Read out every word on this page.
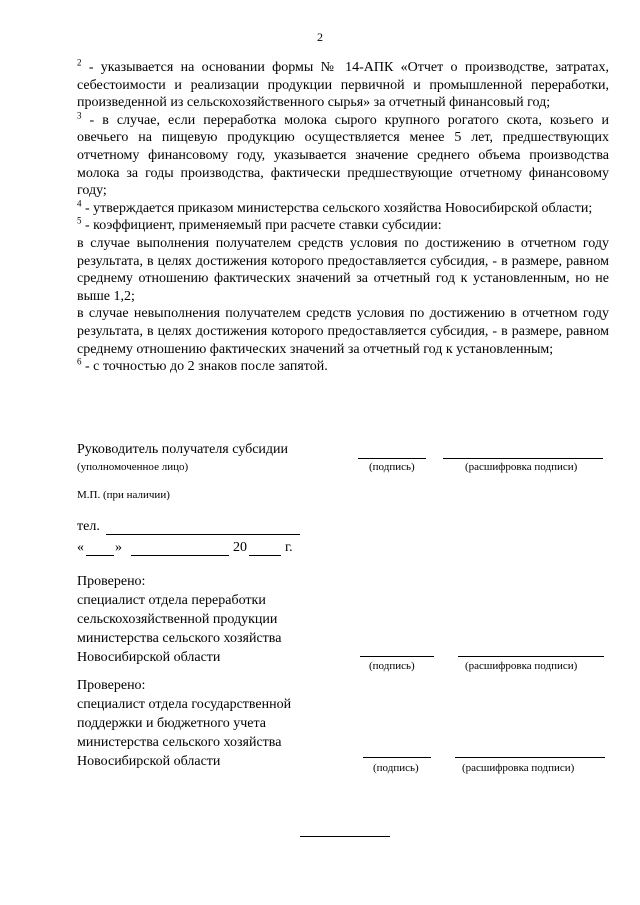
2

$^2$ - указывается на основании формы № 14-АПК «Отчет о производстве, затратах, себестоимости и реализации продукции первичной и промышленной переработки, произведенной из сельскохозяйственного сырья» за отчетный финансовый год;

$^3$ - в случае, если переработка молока сырого крупного рогатого скота, козьего и овечьего на пищевую продукцию осуществляется менее 5 лет, предшествующих отчетному финансовому году, указывается значение среднего объема производства молока за годы производства, фактически предшествующие отчетному финансовому году;

$^4$ - утверждается приказом министерства сельского хозяйства Новосибирской области;

$^5$ - коэффициент, применяемый при расчете ставки субсидии:

в случае выполнения получателем средств условия по достижению в отчетном году результата, в целях достижения которого предоставляется субсидия, - в размере, равном среднему отношению фактических значений за отчетный год к установленным, но не выше 1,2;

в случае невыполнения получателем средств условия по достижению в отчетном году результата, в целях достижения которого предоставляется субсидия, - в размере, равном среднему отношению фактических значений за отчетный год к установленным;

$^6$ - с точностью до 2 знаков после запятой.

Руководитель получателя субсидии
(уполномоченное лицо)	(подпись)	(расшифровка подписи)
М.П. (при наличии)
тел.
« »	20	г.
Проверено:
специалист отдела переработки
сельскохозяйственной продукции
министерства сельского хозяйства
Новосибирской области
(подпись)	(расшифровка подписи)
Проверено:
специалист отдела государственной
поддержки и бюджетного учета
министерства сельского хозяйства
Новосибирской области	(подпись)	(расшифровка подписи)
